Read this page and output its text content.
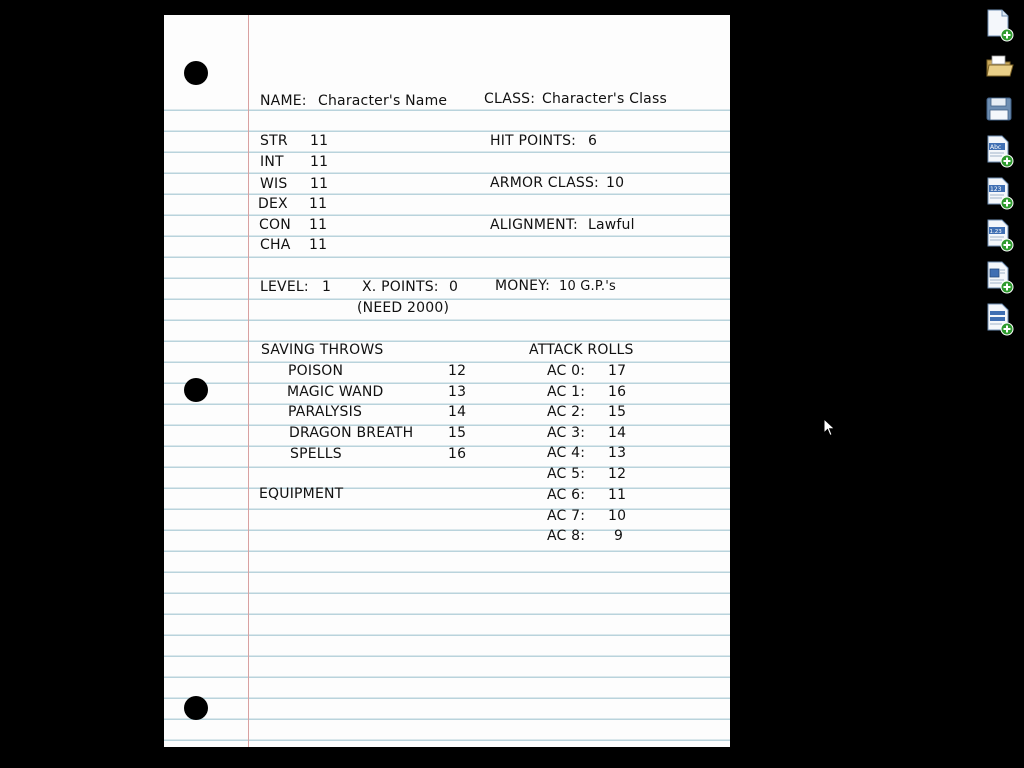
NAME: Character's Name	CLASS: Character's Class
STR 11
INT 11
WIS 11
DEX 11
CON 11
CHA 11
HIT POINTS: 6
ARMOR CLASS: 10
ALIGNMENT: Lawful
LEVEL: 1 X. POINTS: 0
(NEED 2000)
MONEY: 10 G.P.'s
SAVING THROWS
POISON	12
MAGIC WAND	13
PARALYSIS	14
DRAGON BREATH 15
SPELLS	16
EQUIPMENT
ATTACK ROLLS
AC 0: 17
AC 1: 16
AC 2: 15
AC 3: 14
AC 4: 13
AC 5: 12
AC 6: 11
AC 7: 10
AC 8: 9
Abc
123
1.23
